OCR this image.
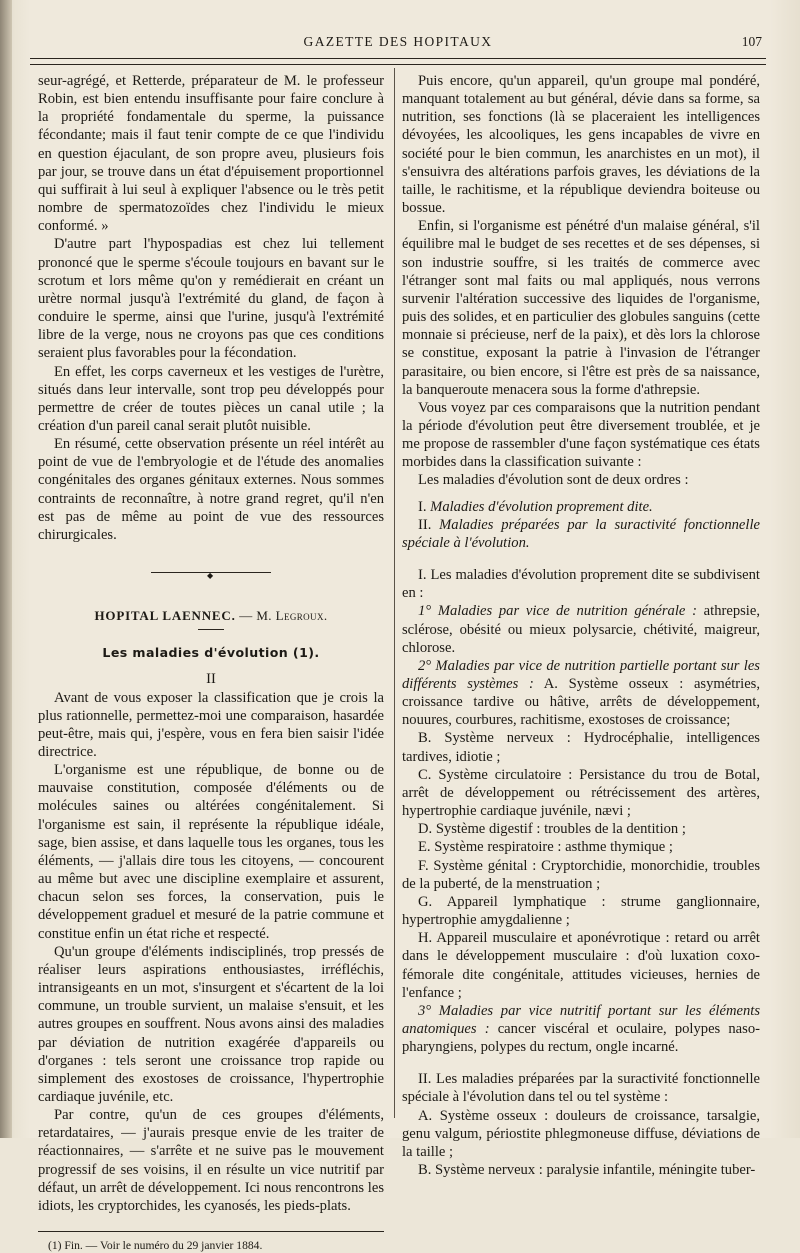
GAZETTE DES HOPITAUX	107

seur-agrégé, et Retterde, préparateur de M. le professeur Robin, est bien entendu insuffisante pour faire conclure à la propriété fondamentale du sperme, la puissance fécondante; mais il faut tenir compte de ce que l'individu en question éjaculant, de son propre aveu, plusieurs fois par jour, se trouve dans un état d'épuisement proportionnel qui suffirait à lui seul à expliquer l'absence ou le très petit nombre de spermatozoïdes chez l'individu le mieux conformé. »

D'autre part l'hypospadias est chez lui tellement prononcé que le sperme s'écoule toujours en bavant sur le scrotum et lors même qu'on y remédierait en créant un urètre normal jusqu'à l'extrémité du gland, de façon à conduire le sperme, ainsi que l'urine, jusqu'à l'extrémité libre de la verge, nous ne croyons pas que ces conditions seraient plus favorables pour la fécondation.

En effet, les corps caverneux et les vestiges de l'urètre, situés dans leur intervalle, sont trop peu développés pour permettre de créer de toutes pièces un canal utile ; la création d'un pareil canal serait plutôt nuisible.

En résumé, cette observation présente un réel intérêt au point de vue de l'embryologie et de l'étude des anomalies congénitales des organes génitaux externes. Nous sommes contraints de reconnaître, à notre grand regret, qu'il n'en est pas de même au point de vue des ressources chirurgicales.

◆

HOPITAL LAENNEC. — M. Legroux.

Les maladies d'évolution (1).

II

Avant de vous exposer la classification que je crois la plus rationnelle, permettez-moi une comparaison, hasardée peut-être, mais qui, j'espère, vous en fera bien saisir l'idée directrice.

L'organisme est une république, de bonne ou de mauvaise constitution, composée d'éléments ou de molécules saines ou altérées congénitalement. Si l'organisme est sain, il représente la république idéale, sage, bien assise, et dans laquelle tous les organes, tous les éléments, — j'allais dire tous les citoyens, — concourent au même but avec une discipline exemplaire et assurent, chacun selon ses forces, la conservation, puis le développement graduel et mesuré de la patrie commune et constitue enfin un état riche et respecté.

Qu'un groupe d'éléments indisciplinés, trop pressés de réaliser leurs aspirations enthousiastes, irréfléchis, intransigeants en un mot, s'insurgent et s'écartent de la loi commune, un trouble survient, un malaise s'ensuit, et les autres groupes en souffrent. Nous avons ainsi des maladies par déviation de nutrition exagérée d'appareils ou d'organes : tels seront une croissance trop rapide ou simplement des exostoses de croissance, l'hypertrophie cardiaque juvénile, etc.

Par contre, qu'un de ces groupes d'éléments, retardataires, — j'aurais presque envie de les traiter de réactionnaires, — s'arrête et ne suive pas le mouvement progressif de ses voisins, il en résulte un vice nutritif par défaut, un arrêt de développement. Ici nous rencontrons les idiots, les cryptorchides, les cyanosés, les pieds-plats.

(1) Fin. — Voir le numéro du 29 janvier 1884.

Puis encore, qu'un appareil, qu'un groupe mal pondéré, manquant totalement au but général, dévie dans sa forme, sa nutrition, ses fonctions (là se placeraient les intelligences dévoyées, les alcooliques, les gens incapables de vivre en société pour le bien commun, les anarchistes en un mot), il s'ensuivra des altérations parfois graves, les déviations de la taille, le rachitisme, et la république deviendra boiteuse ou bossue.

Enfin, si l'organisme est pénétré d'un malaise général, s'il équilibre mal le budget de ses recettes et de ses dépenses, si son industrie souffre, si les traités de commerce avec l'étranger sont mal faits ou mal appliqués, nous verrons survenir l'altération successive des liquides de l'organisme, puis des solides, et en particulier des globules sanguins (cette monnaie si précieuse, nerf de la paix), et dès lors la chlorose se constitue, exposant la patrie à l'invasion de l'étranger parasitaire, ou bien encore, si l'être est près de sa naissance, la banqueroute menacera sous la forme d'athrepsie.

Vous voyez par ces comparaisons que la nutrition pendant la période d'évolution peut être diversement troublée, et je me propose de rassembler d'une façon systématique ces états morbides dans la classification suivante :

Les maladies d'évolution sont de deux ordres :

I. Maladies d'évolution proprement dite.

II. Maladies préparées par la suractivité fonctionnelle spéciale à l'évolution.

I. Les maladies d'évolution proprement dite se subdivisent en :

1° Maladies par vice de nutrition générale : athrepsie, sclérose, obésité ou mieux polysarcie, chétivité, maigreur, chlorose.

2° Maladies par vice de nutrition partielle portant sur les différents systèmes : A. Système osseux : asymétries, croissance tardive ou hâtive, arrêts de développement, nouures, courbures, rachitisme, exostoses de croissance;

B. Système nerveux : Hydrocéphalie, intelligences tardives, idiotie ;

C. Système circulatoire : Persistance du trou de Botal, arrêt de développement ou rétrécissement des artères, hypertrophie cardiaque juvénile, nævi ;

D. Système digestif : troubles de la dentition ;

E. Système respiratoire : asthme thymique ;

F. Système génital : Cryptorchidie, monorchidie, troubles de la puberté, de la menstruation ;

G. Appareil lymphatique : strume ganglionnaire, hypertrophie amygdalienne ;

H. Appareil musculaire et aponévrotique : retard ou arrêt dans le développement musculaire : d'où luxation coxo-fémorale dite congénitale, attitudes vicieuses, hernies de l'enfance ;

3° Maladies par vice nutritif portant sur les éléments anatomiques : cancer viscéral et oculaire, polypes naso-pharyngiens, polypes du rectum, ongle incarné.

II. Les maladies préparées par la suractivité fonctionnelle spéciale à l'évolution dans tel ou tel système :

A. Système osseux : douleurs de croissance, tarsalgie, genu valgum, périostite phlegmoneuse diffuse, déviations de la taille ;

B. Système nerveux : paralysie infantile, méningite tuber-
